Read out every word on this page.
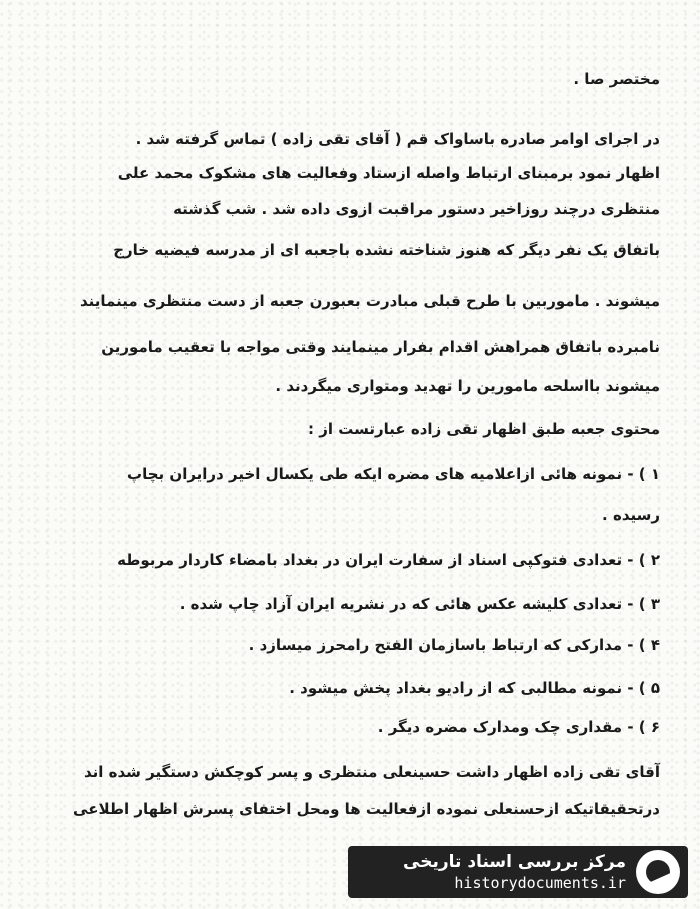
مختصر صا .
در اجرای اوامر صادره باساواک قم ( آقای تقی زاده ) تماس گرفته شد .
اظهار نمود برمبنای ارتباط واصله ازستاد وفعالیت های مشکوک محمد علی
منتظری درچند روزاخیر دستور مراقبت ازوی داده شد . شب گذشته
باتفاق یک نفر دیگر که هنوز شناخته نشده باجعبه ای از مدرسه فیضیه خارج
میشوند . ماموربین با طرح قبلی مبادرت بعبورن جعبه از دست منتظری مینمایند
نامبرده باتفاق همراهش اقدام بفرار مینمایند وقتی مواجه با تعقیب مامورین
میشوند بااسلحه مامورین را تهدید ومتواری میگردند .
محتوی جعبه طبق اظهار تقی زاده عبارتست از :
۱ ) - نمونه هائی ازاعلامیه های مضره ایکه طی یکسال اخیر درایران بچاپ
رسیده .
۲ ) - تعدادی فتوکپی اسناد از سفارت ایران در بغداد بامضاء کاردار مربوطه
۳ ) - تعدادی کلیشه عکس هائی که در نشریه ایران آزاد چاپ شده .
۴ ) - مدارکی که ارتباط باسازمان الفتح رامحرز میسازد .
۵ ) - نمونه مطالبی که از رادیو بغداد پخش میشود .
۶ ) - مقداری چک ومدارک مضره دیگر .
آقای تقی زاده اظهار داشت حسینعلی منتظری و پسر کوچکش دستگیر شده اند
درتحقیقاتیکه ازحسنعلی نموده ازفعالیت ها ومحل اختفای پسرش اظهار اطلاعی
مرکز بررسی اسناد تاریخی
historydocuments.ir
